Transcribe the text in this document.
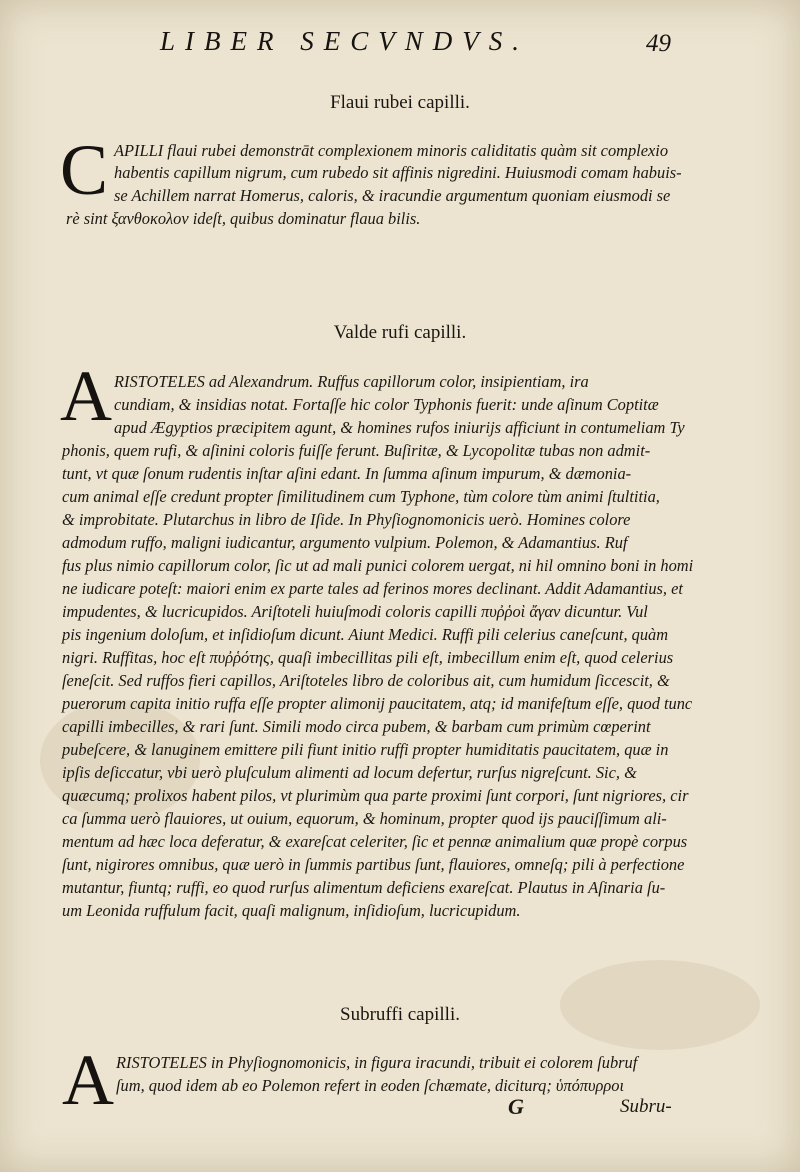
LIBER SECVNDVS.	49
Flaui rubei capilli.
C APILLI flaui rubei demonstrāt complexionem minoris caliditatis quàm sit complexio
habentis capillum nigrum, cum rubedo sit affinis nigredini. Huiusmodi comam habuis-
se Achillem narrat Homerus, caloris, & iracundie argumentum quoniam eiusmodi se
rè sint ξανθοκολον ideſt, quibus dominatur flaua bilis.
Valde rufi capilli.
A RISTOTELES ad Alexandrum. Ruffus capillorum color, insipientiam, ira
cundiam, & insidias notat. Fortaſſe hic color Typhonis fuerit: unde aſinum Coptitæ
apud Ægyptios præcipitem agunt, & homines rufos iniurijs afficiunt in contumeliam Ty
phonis, quem rufi, & aſinini coloris fuiſſe ferunt. Buſiritæ, & Lycopolitæ tubas non admit-
tunt, vt quæ ſonum rudentis inſtar aſini edant. In ſumma aſinum impurum, & dæmonia-
cum animal eſſe credunt propter ſimilitudinem cum Typhone, tùm colore tùm animi ſtultitia,
& improbitate. Plutarchus in libro de Iſide. In Phyſiognomonicis uerò. Homines colore
admodum ruffo, maligni iudicantur, argumento vulpium. Polemon, & Adamantius. Ruf
fus plus nimio capillorum color, ſic ut ad mali punici colorem uergat, ni hil omnino boni in homi
ne iudicare poteſt: maiori enim ex parte tales ad ferinos mores declinant. Addit Adamantius, et
impudentes, & lucricupidos. Ariſtoteli huiuſmodi coloris capilli πυῤῥοὶ ἄγαν dicuntur. Vul
pis ingenium doloſum, et inſidioſum dicunt. Aiunt Medici. Ruffi pili celerius caneſcunt, quàm
nigri. Ruffitas, hoc eſt πυῤῥότης, quaſi imbecillitas pili eſt, imbecillum enim eſt, quod celerius
ſeneſcit. Sed ruffos fieri capillos, Ariſtoteles libro de coloribus ait, cum humidum ſiccescit, &
puerorum capita initio ruffa eſſe propter alimonij paucitatem, atq; id manifeſtum eſſe, quod tunc
capilli imbecilles, & rari ſunt. Simili modo circa pubem, & barbam cum primùm cœperint
pubeſcere, & lanuginem emittere pili fiunt initio ruffi propter humiditatis paucitatem, quæ in
ipſis deſiccatur, vbi uerò pluſculum alimenti ad locum defertur, rurſus nigreſcunt. Sic, &
quæcumq; prolixos habent pilos, vt plurimùm qua parte proximi ſunt corpori, ſunt nigriores, cir
ca ſumma uerò flauiores, ut ouium, equorum, & hominum, propter quod ijs pauciſſimum ali-
mentum ad hæc loca deferatur, & exareſcat celeriter, ſic et pennæ animalium quæ propè corpus
ſunt, nigirores omnibus, quæ uerò in ſummis partibus ſunt, flauiores, omneſq; pili à perfectione
mutantur, fiuntq; ruffi, eo quod rurſus alimentum deficiens exareſcat. Plautus in Aſinaria ſu-
um Leonida ruffulum facit, quaſi malignum, inſidioſum, lucricupidum.
Subruffi capilli.
A RISTOTELES in Phyſiognomonicis, in figura iracundi, tribuit ei colorem ſubruf
ſum, quod idem ab eo Polemon refert in eoden ſchæmate, diciturq; ὑπόπυρροι
G	Subru-
